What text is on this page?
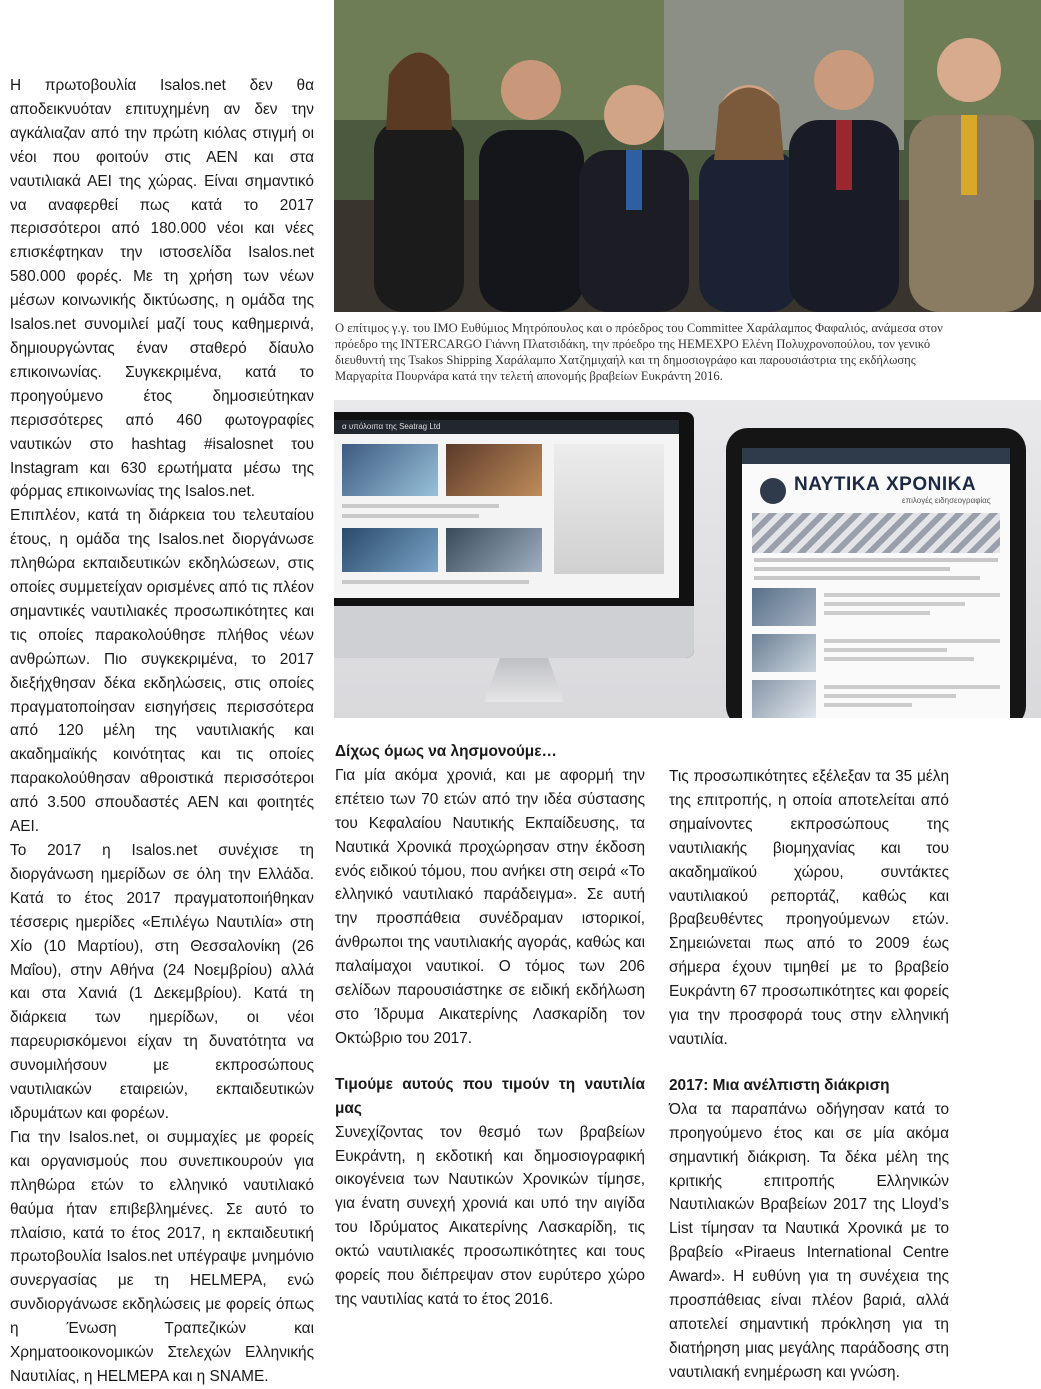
Η πρωτοβουλία Isalos.net δεν θα αποδεικνυόταν επιτυχημένη αν δεν την αγκάλιαζαν από την πρώτη κιόλας στιγμή οι νέοι που φοιτούν στις ΑΕΝ και στα ναυτιλιακά ΑΕΙ της χώρας. Είναι σημαντικό να αναφερθεί πως κατά το 2017 περισσότεροι από 180.000 νέοι και νέες επισκέφτηκαν την ιστοσελίδα Isalos.net 580.000 φορές. Με τη χρήση των νέων μέσων κοινωνικής δικτύωσης, η ομάδα της Isalos.net συνομιλεί μαζί τους καθημερινά, δημιουργώντας έναν σταθερό δίαυλο επικοινωνίας. Συγκεκριμένα, κατά το προηγούμενο έτος δημοσιεύτηκαν περισσότερες από 460 φωτογραφίες ναυτικών στο hashtag #isalosnet του Instagram και 630 ερωτήματα μέσω της φόρμας επικοινωνίας της Isalos.net.

Επιπλέον, κατά τη διάρκεια του τελευταίου έτους, η ομάδα της Isalos.net διοργάνωσε πληθώρα εκπαιδευτικών εκδηλώσεων, στις οποίες συμμετείχαν ορισμένες από τις πλέον σημαντικές ναυτιλιακές προσωπικότητες και τις οποίες παρακολούθησε πλήθος νέων ανθρώπων. Πιο συγκεκριμένα, το 2017 διεξήχθησαν δέκα εκδηλώσεις, στις οποίες πραγματοποίησαν εισηγήσεις περισσότερα από 120 μέλη της ναυτιλιακής και ακαδημαϊκής κοινότητας και τις οποίες παρακολούθησαν αθροιστικά περισσότεροι από 3.500 σπουδαστές ΑΕΝ και φοιτητές ΑΕΙ.

Το 2017 η Isalos.net συνέχισε τη διοργάνωση ημερίδων σε όλη την Ελλάδα. Κατά το έτος 2017 πραγματοποιήθηκαν τέσσερις ημερίδες «Επιλέγω Ναυτιλία» στη Χίο (10 Μαρτίου), στη Θεσσαλονίκη (26 Μαΐου), στην Αθήνα (24 Νοεμβρίου) αλλά και στα Χανιά (1 Δεκεμβρίου). Κατά τη διάρκεια των ημερίδων, οι νέοι παρευρισκόμενοι είχαν τη δυνατότητα να συνομιλήσουν με εκπροσώπους ναυτιλιακών εταιρειών, εκπαιδευτικών ιδρυμάτων και φορέων.

Για την Isalos.net, οι συμμαχίες με φορείς και οργανισμούς που συνεπικουρούν για πληθώρα ετών το ελληνικό ναυτιλιακό θαύμα ήταν επιβεβλημένες. Σε αυτό το πλαίσιο, κατά το έτος 2017, η εκπαιδευτική πρωτοβουλία Isalos.net υπέγραψε μνημόνιο συνεργασίας με τη HELMEPA, ενώ συνδιοργάνωσε εκδηλώσεις με φορείς όπως η Ένωση Τραπεζικών και Χρηματοοικονομικών Στελεχών Ελληνικής Ναυτιλίας, η HELMEPA και η SNAME.

Ο επίτιμος γ.γ. του ΙΜΟ Ευθύμιος Μητρόπουλος και ο πρόεδρος του Committee Χαράλαμπος Φαφαλιός, ανάμεσα στον πρόεδρο της INTERCARGO Γιάννη Πλατσιδάκη, την πρόεδρο της HEMEXPO Ελένη Πολυχρονοπούλου, τον γενικό διευθυντή της Tsakos Shipping Χαράλαμπο Χατζημιχαήλ και τη δημοσιογράφο και παρουσιάστρια της εκδήλωσης Μαργαρίτα Πουρνάρα κατά την τελετή απονομής βραβείων Ευκράντη 2016.
α υπόλοιπα της Seatrag Ltd
ΝΑΥΤΙΚΑ ΧΡΟΝΙΚΑ
επιλογές ειδησεογραφίας

Δίχως όμως να λησμονούμε…

Για μία ακόμα χρονιά, και με αφορμή την επέτειο των 70 ετών από την ιδέα σύστασης του Κεφαλαίου Ναυτικής Εκπαίδευσης, τα Ναυτικά Χρονικά προχώρησαν στην έκδοση ενός ειδικού τόμου, που ανήκει στη σειρά «Το ελληνικό ναυτιλιακό παράδειγμα». Σε αυτή την προσπάθεια συνέδραμαν ιστορικοί, άνθρωποι της ναυτιλιακής αγοράς, καθώς και παλαίμαχοι ναυτικοί. Ο τόμος των 206 σελίδων παρουσιάστηκε σε ειδική εκδήλωση στο Ίδρυμα Αικατερίνης Λασκαρίδη τον Οκτώβριο του 2017.

Τιμούμε αυτούς που τιμούν τη ναυτιλία μας

Συνεχίζοντας τον θεσμό των βραβείων Ευκράντη, η εκδοτική και δημοσιογραφική οικογένεια των Ναυτικών Χρονικών τίμησε, για ένατη συνεχή χρονιά και υπό την αιγίδα του Ιδρύματος Αικατερίνης Λασκαρίδη, τις οκτώ ναυτιλιακές προσωπικότητες και τους φορείς που διέπρεψαν στον ευρύτερο χώρο της ναυτιλίας κατά το έτος 2016.

Τις προσωπικότητες εξέλεξαν τα 35 μέλη της επιτροπής, η οποία αποτελείται από σημαίνοντες εκπροσώπους της ναυτιλιακής βιομηχανίας και του ακαδημαϊκού χώρου, συντάκτες ναυτιλιακού ρεπορτάζ, καθώς και βραβευθέντες προηγούμενων ετών. Σημειώνεται πως από το 2009 έως σήμερα έχουν τιμηθεί με το βραβείο Ευκράντη 67 προσωπικότητες και φορείς για την προσφορά τους στην ελληνική ναυτιλία.

2017: Μια ανέλπιστη διάκριση

Όλα τα παραπάνω οδήγησαν κατά το προηγούμενο έτος και σε μία ακόμα σημαντική διάκριση. Τα δέκα μέλη της κριτικής επιτροπής Ελληνικών Ναυτιλιακών Βραβείων 2017 της Lloyd’s List τίμησαν τα Ναυτικά Χρονικά με το βραβείο «Piraeus International Centre Award». Η ευθύνη για τη συνέχεια της προσπάθειας είναι πλέον βαριά, αλλά αποτελεί σημαντική πρόκληση για τη διατήρηση μιας μεγάλης παράδοσης στη ναυτιλιακή ενημέρωση και γνώση.
